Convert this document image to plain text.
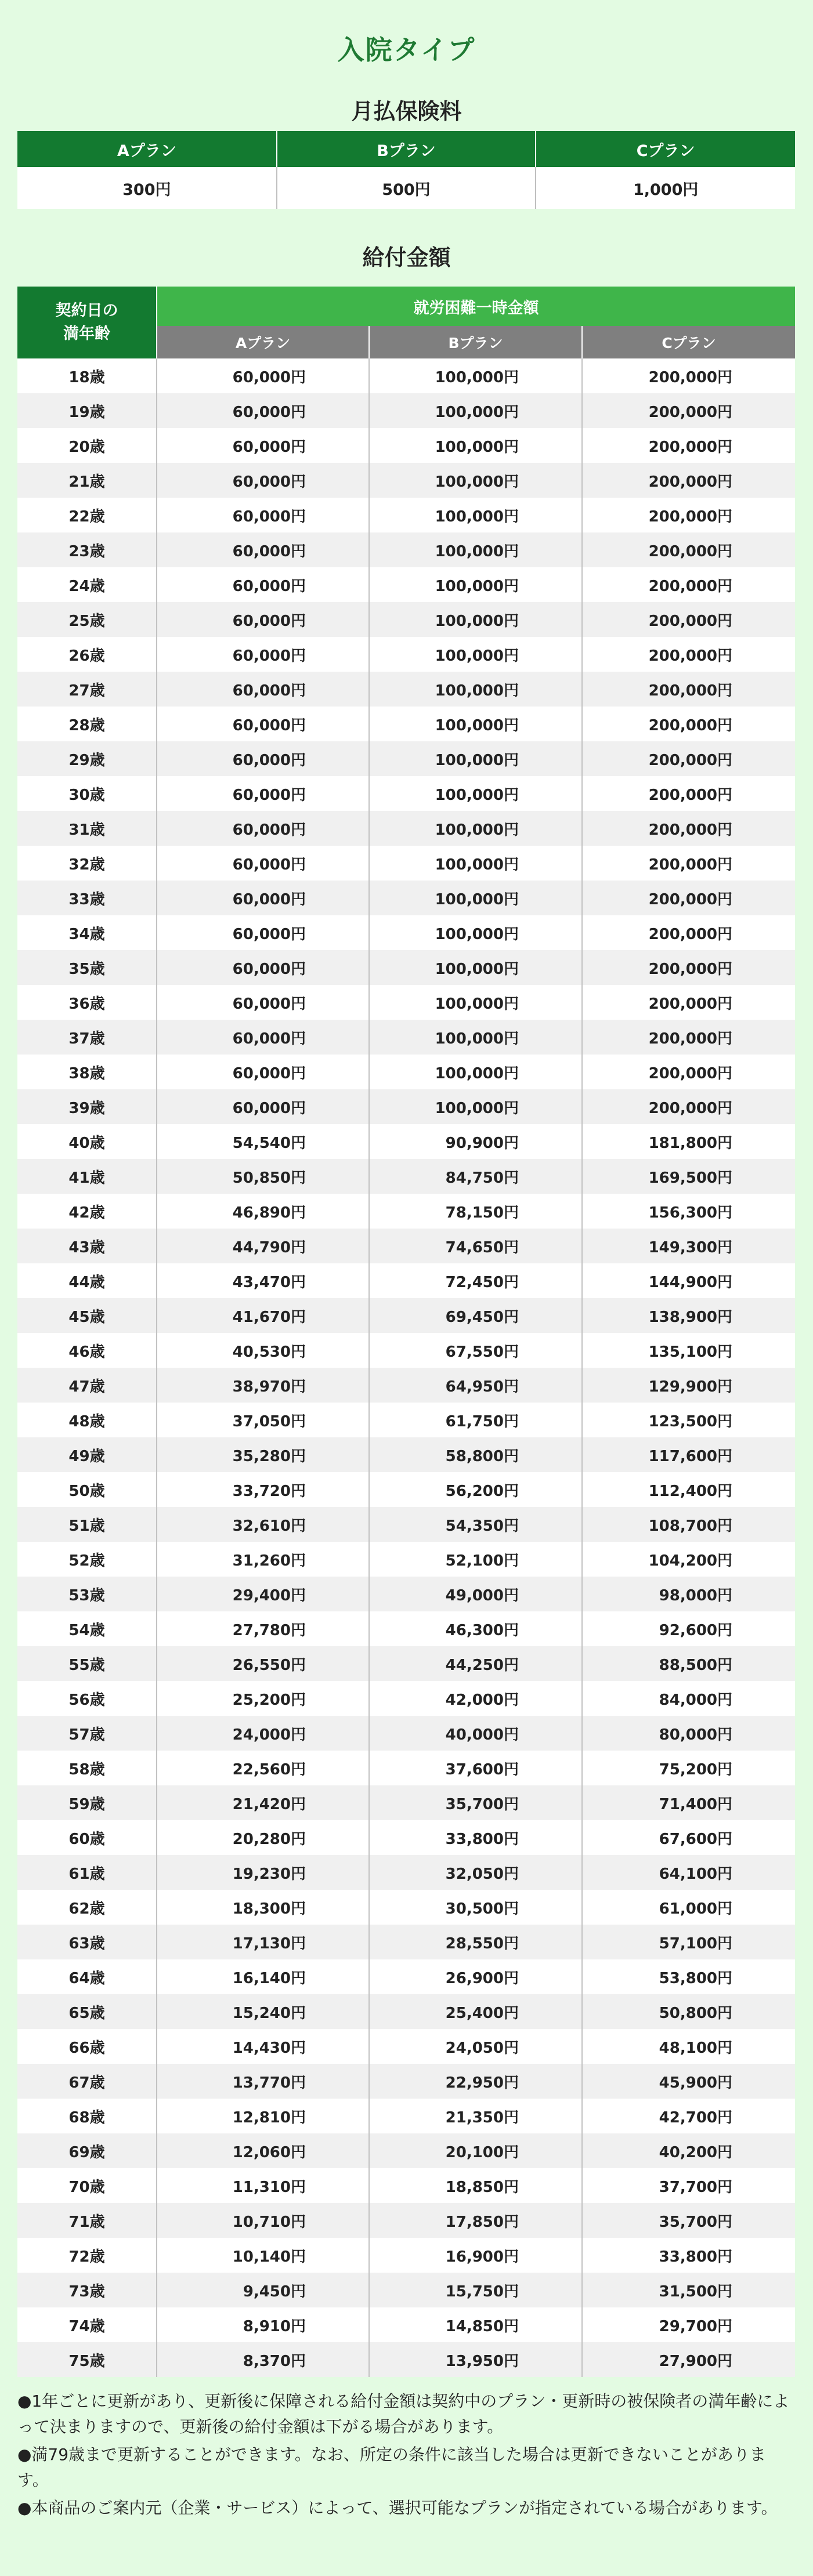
入院タイプ
月払保険料
Aプラン	Bプラン	Cプラン
300円	500円	1,000円
給付金額
契約日の
満年齢	就労困難一時金額		
	Aプラン	Bプラン	Cプラン
18歳	60,000円	100,000円	200,000円
19歳	60,000円	100,000円	200,000円
20歳	60,000円	100,000円	200,000円
21歳	60,000円	100,000円	200,000円
22歳	60,000円	100,000円	200,000円
23歳	60,000円	100,000円	200,000円
24歳	60,000円	100,000円	200,000円
25歳	60,000円	100,000円	200,000円
26歳	60,000円	100,000円	200,000円
27歳	60,000円	100,000円	200,000円
28歳	60,000円	100,000円	200,000円
29歳	60,000円	100,000円	200,000円
30歳	60,000円	100,000円	200,000円
31歳	60,000円	100,000円	200,000円
32歳	60,000円	100,000円	200,000円
33歳	60,000円	100,000円	200,000円
34歳	60,000円	100,000円	200,000円
35歳	60,000円	100,000円	200,000円
36歳	60,000円	100,000円	200,000円
37歳	60,000円	100,000円	200,000円
38歳	60,000円	100,000円	200,000円
39歳	60,000円	100,000円	200,000円
40歳	54,540円	90,900円	181,800円
41歳	50,850円	84,750円	169,500円
42歳	46,890円	78,150円	156,300円
43歳	44,790円	74,650円	149,300円
44歳	43,470円	72,450円	144,900円
45歳	41,670円	69,450円	138,900円
46歳	40,530円	67,550円	135,100円
47歳	38,970円	64,950円	129,900円
48歳	37,050円	61,750円	123,500円
49歳	35,280円	58,800円	117,600円
50歳	33,720円	56,200円	112,400円
51歳	32,610円	54,350円	108,700円
52歳	31,260円	52,100円	104,200円
53歳	29,400円	49,000円	98,000円
54歳	27,780円	46,300円	92,600円
55歳	26,550円	44,250円	88,500円
56歳	25,200円	42,000円	84,000円
57歳	24,000円	40,000円	80,000円
58歳	22,560円	37,600円	75,200円
59歳	21,420円	35,700円	71,400円
60歳	20,280円	33,800円	67,600円
61歳	19,230円	32,050円	64,100円
62歳	18,300円	30,500円	61,000円
63歳	17,130円	28,550円	57,100円
64歳	16,140円	26,900円	53,800円
65歳	15,240円	25,400円	50,800円
66歳	14,430円	24,050円	48,100円
67歳	13,770円	22,950円	45,900円
68歳	12,810円	21,350円	42,700円
69歳	12,060円	20,100円	40,200円
70歳	11,310円	18,850円	37,700円
71歳	10,710円	17,850円	35,700円
72歳	10,140円	16,900円	33,800円
73歳	9,450円	15,750円	31,500円
74歳	8,910円	14,850円	29,700円
75歳	8,370円	13,950円	27,900円

●1年ごとに更新があり、更新後に保障される給付金額は契約中のプラン・更新時の被保険者の満年齢によって決まりますので、更新後の給付金額は下がる場合があります。

●満79歳まで更新することができます。なお、所定の条件に該当した場合は更新できないことがあります。

●本商品のご案内元（企業・サービス）によって、選択可能なプランが指定されている場合があります。
